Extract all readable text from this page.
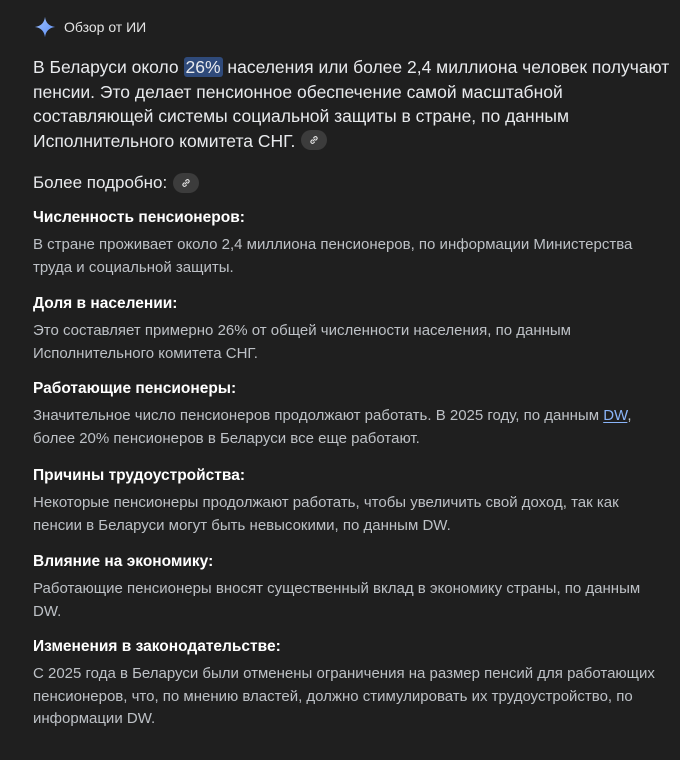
Обзор от ИИ
В Беларуси около 26% населения или более 2,4 миллиона человек получают пенсии. Это делает пенсионное обеспечение самой масштабной составляющей системы социальной защиты в стране, по данным Исполнительного комитета СНГ.
Более подробно:
Численность пенсионеров:
В стране проживает около 2,4 миллиона пенсионеров, по информации Министерства труда и социальной защиты.
Доля в населении:
Это составляет примерно 26% от общей численности населения, по данным Исполнительного комитета СНГ.
Работающие пенсионеры:
Значительное число пенсионеров продолжают работать. В 2025 году, по данным DW, более 20% пенсионеров в Беларуси все еще работают.
Причины трудоустройства:
Некоторые пенсионеры продолжают работать, чтобы увеличить свой доход, так как пенсии в Беларуси могут быть невысокими, по данным DW.
Влияние на экономику:
Работающие пенсионеры вносят существенный вклад в экономику страны, по данным DW.
Изменения в законодательстве:
С 2025 года в Беларуси были отменены ограничения на размер пенсий для работающих пенсионеров, что, по мнению властей, должно стимулировать их трудоустройство, по информации DW.
